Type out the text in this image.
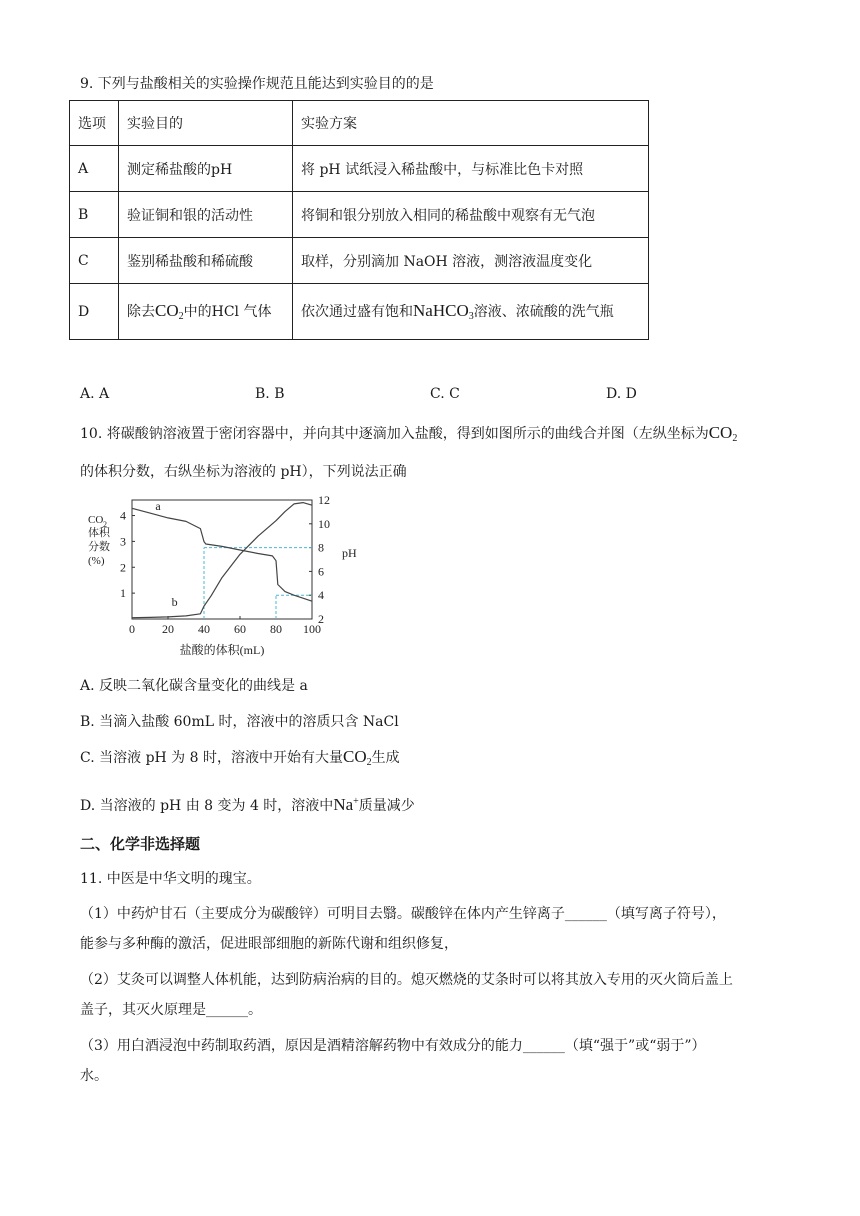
9. 下列与盐酸相关的实验操作规范且能达到实验目的的是
选项	实验目的	实验方案
A	测定稀盐酸的pH	将 pH 试纸浸入稀盐酸中，与标准比色卡对照
B	验证铜和银的活动性	将铜和银分别放入相同的稀盐酸中观察有无气泡
C	鉴别稀盐酸和稀硫酸	取样，分别滴加 NaOH 溶液，测溶液温度变化
D	除去$CO_2$中的HCl 气体	依次通过盛有饱和NaHCO$_3$溶液、浓硫酸的洗气瓶
A. A	B. B	C. C	D. D
10. 将碳酸钠溶液置于密闭容器中，并向其中逐滴加入盐酸，得到如图所示的曲线合并图（左纵坐标为$CO_2$
的体积分数，右纵坐标为溶液的 pH），下列说法正确
0 20 40 60 80 100
1
2
3
4
2
4
6
8
10
12
盐酸的体积(mL)
CO 2
体积
分数
(%)
pH
a
b
A. 反映二氧化碳含量变化的曲线是 a
B. 当滴入盐酸 60mL 时，溶液中的溶质只含 NaCl
C. 当溶液 pH 为 8 时，溶液中开始有大量$CO_2$生成
D. 当溶液的 pH 由 8 变为 4 时，溶液中Na+质量减少
二、化学非选择题
11. 中医是中华文明的瑰宝。
（1）中药炉甘石（主要成分为碳酸锌）可明目去翳。碳酸锌在体内产生锌离子______（填写离子符号），
能参与多种酶的激活，促进眼部细胞的新陈代谢和组织修复，
（2）艾灸可以调整人体机能，达到防病治病的目的。熄灭燃烧的艾条时可以将其放入专用的灭火筒后盖上
盖子，其灭火原理是______。
（3）用白酒浸泡中药制取药酒，原因是酒精溶解药物中有效成分的能力______（填“强于”或“弱于”）
水。
